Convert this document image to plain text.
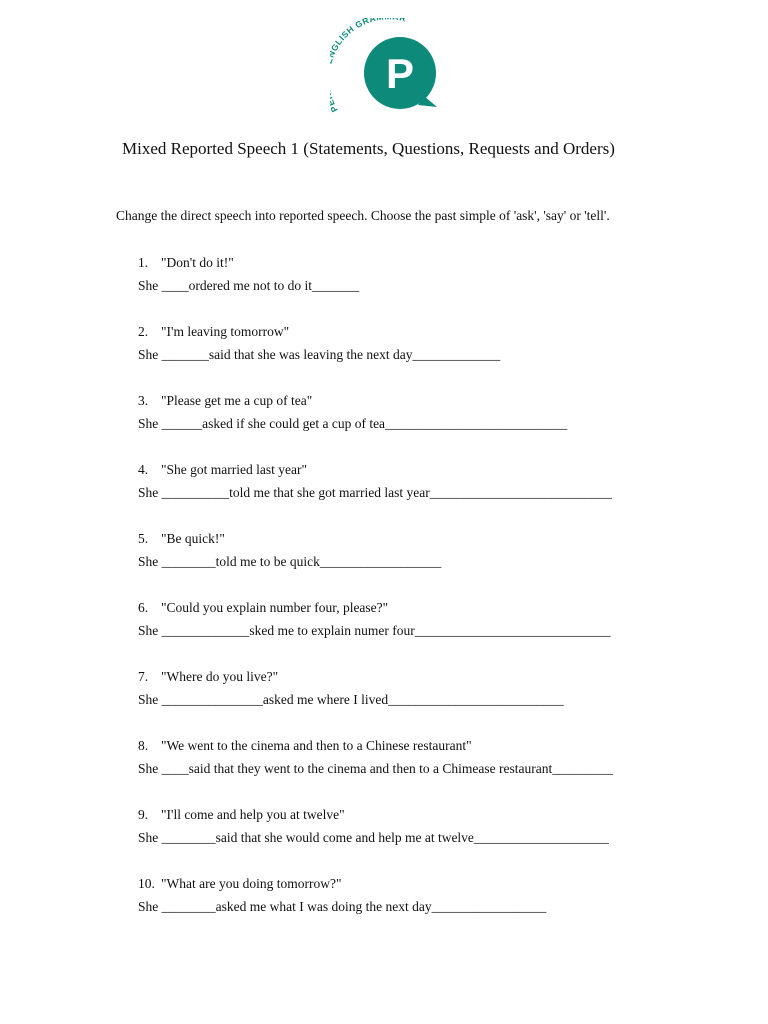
GLISH GRA
P
Mixed Reported Speech 1 (Statements, Questions, Requests and Orders)

Change the direct speech into reported speech. Choose the past simple of 'ask', 'say' or 'tell'.

1. "Don't do it!"
She ____ordered me not to do it_______
2. "I'm leaving tomorrow"
She _______said that she was leaving the next day_____________
3. "Please get me a cup of tea"
She ______asked if she could get a cup of tea___________________________
4. "She got married last year"
She __________told me that she got married last year___________________________
5. "Be quick!"
She ________told me to be quick__________________
6. "Could you explain number four, please?"
She _____________sked me to explain numer four_____________________________
7. "Where do you live?"
She _______________asked me where I lived__________________________
8. "We went to the cinema and then to a Chinese restaurant"
She ____said that they went to the cinema and then to a Chimease restaurant_________
9. "I'll come and help you at twelve"
She ________said that she would come and help me at twelve____________________
10. "What are you doing tomorrow?"
She ________asked me what I was doing the next day_________________
